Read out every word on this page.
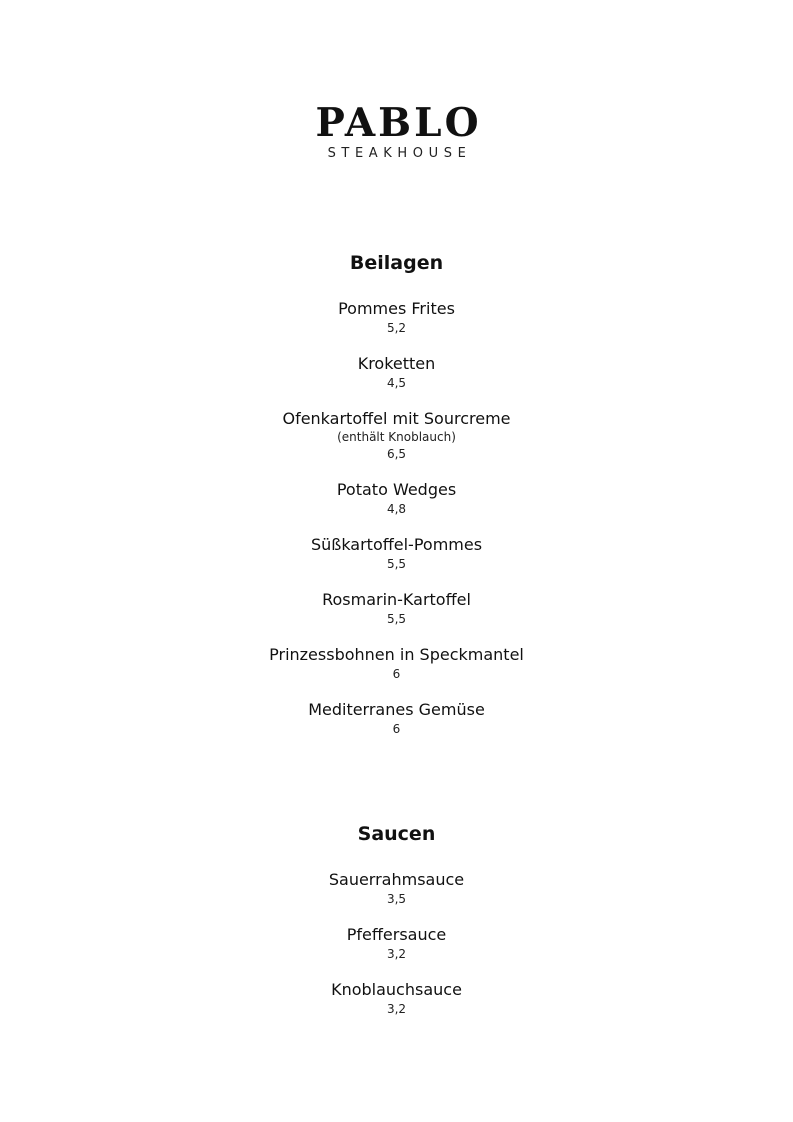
PABLO
STEAKHOUSE
Beilagen
Pommes Frites
5,2
Kroketten
4,5
Ofenkartoffel mit Sourcreme
(enthält Knoblauch)
6,5
Potato Wedges
4,8
Süßkartoffel-Pommes
5,5
Rosmarin-Kartoffel
5,5
Prinzessbohnen in Speckmantel
6
Mediterranes Gemüse
6
Saucen
Sauerrahmsauce
3,5
Pfeffersauce
3,2
Knoblauchsauce
3,2
